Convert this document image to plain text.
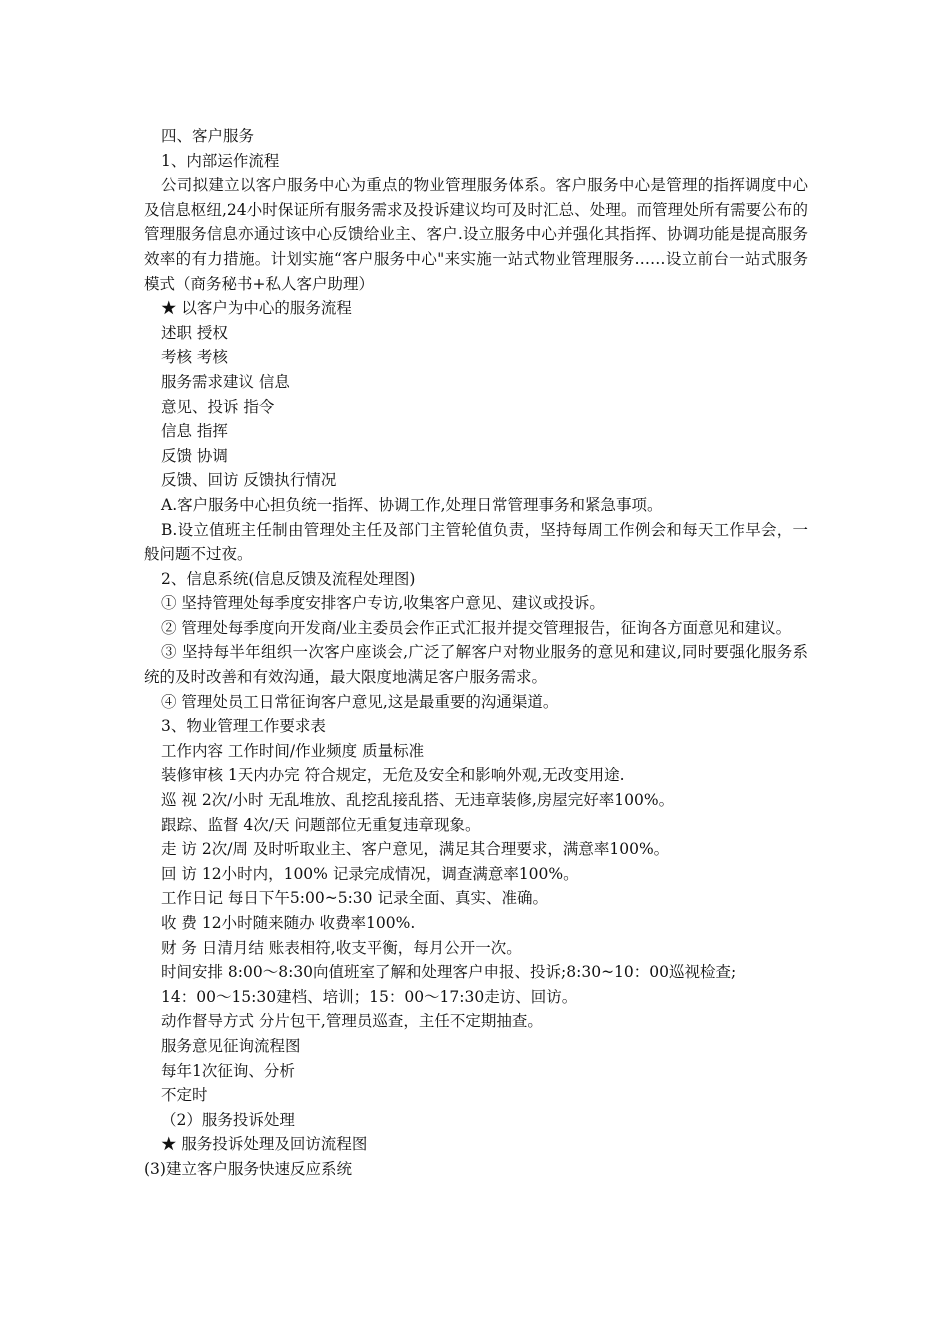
四、客户服务
1、内部运作流程
公司拟建立以客户服务中心为重点的物业管理服务体系。客户服务中心是管理的指挥调度中心及信息枢纽,24小时保证所有服务需求及投诉建议均可及时汇总、处理。而管理处所有需要公布的管理服务信息亦通过该中心反馈给业主、客户.设立服务中心并强化其指挥、协调功能是提高服务效率的有力措施。计划实施“客户服务中心"来实施一站式物业管理服务……设立前台一站式服务模式（商务秘书+私人客户助理）
★ 以客户为中心的服务流程
述职 授权
考核 考核
服务需求建议 信息
意见、投诉 指令
信息 指挥
反馈 协调
反馈、回访 反馈执行情况
A.客户服务中心担负统一指挥、协调工作,处理日常管理事务和紧急事项。
B.设立值班主任制由管理处主任及部门主管轮值负责，坚持每周工作例会和每天工作早会，一般问题不过夜。
2、信息系统(信息反馈及流程处理图)
① 坚持管理处每季度安排客户专访,收集客户意见、建议或投诉。
② 管理处每季度向开发商/业主委员会作正式汇报并提交管理报告，征询各方面意见和建议。
③ 坚持每半年组织一次客户座谈会,广泛了解客户对物业服务的意见和建议,同时要强化服务系统的及时改善和有效沟通，最大限度地满足客户服务需求。
④ 管理处员工日常征询客户意见,这是最重要的沟通渠道。
3、物业管理工作要求表
工作内容 工作时间/作业频度 质量标准
装修审核 1天内办完 符合规定，无危及安全和影响外观,无改变用途.
巡 视 2次/小时 无乱堆放、乱挖乱接乱搭、无违章装修,房屋完好率100%。
跟踪、监督 4次/天 问题部位无重复违章现象。
走 访 2次/周 及时听取业主、客户意见，满足其合理要求，满意率100%。
回 访 12小时内，100% 记录完成情况，调查满意率100%。
工作日记 每日下午5:00~5:30 记录全面、真实、准确。
收 费 12小时随来随办 收费率100%.
财 务 日清月结 账表相符,收支平衡，每月公开一次。
时间安排 8:00～8:30向值班室了解和处理客户申报、投诉;8:30~10：00巡视检查;
14：00～15:30建档、培训；15：00～17:30走访、回访。
动作督导方式 分片包干,管理员巡查，主任不定期抽查。
服务意见征询流程图
每年1次征询、分析
不定时
（2）服务投诉处理
★ 服务投诉处理及回访流程图
(3)建立客户服务快速反应系统
